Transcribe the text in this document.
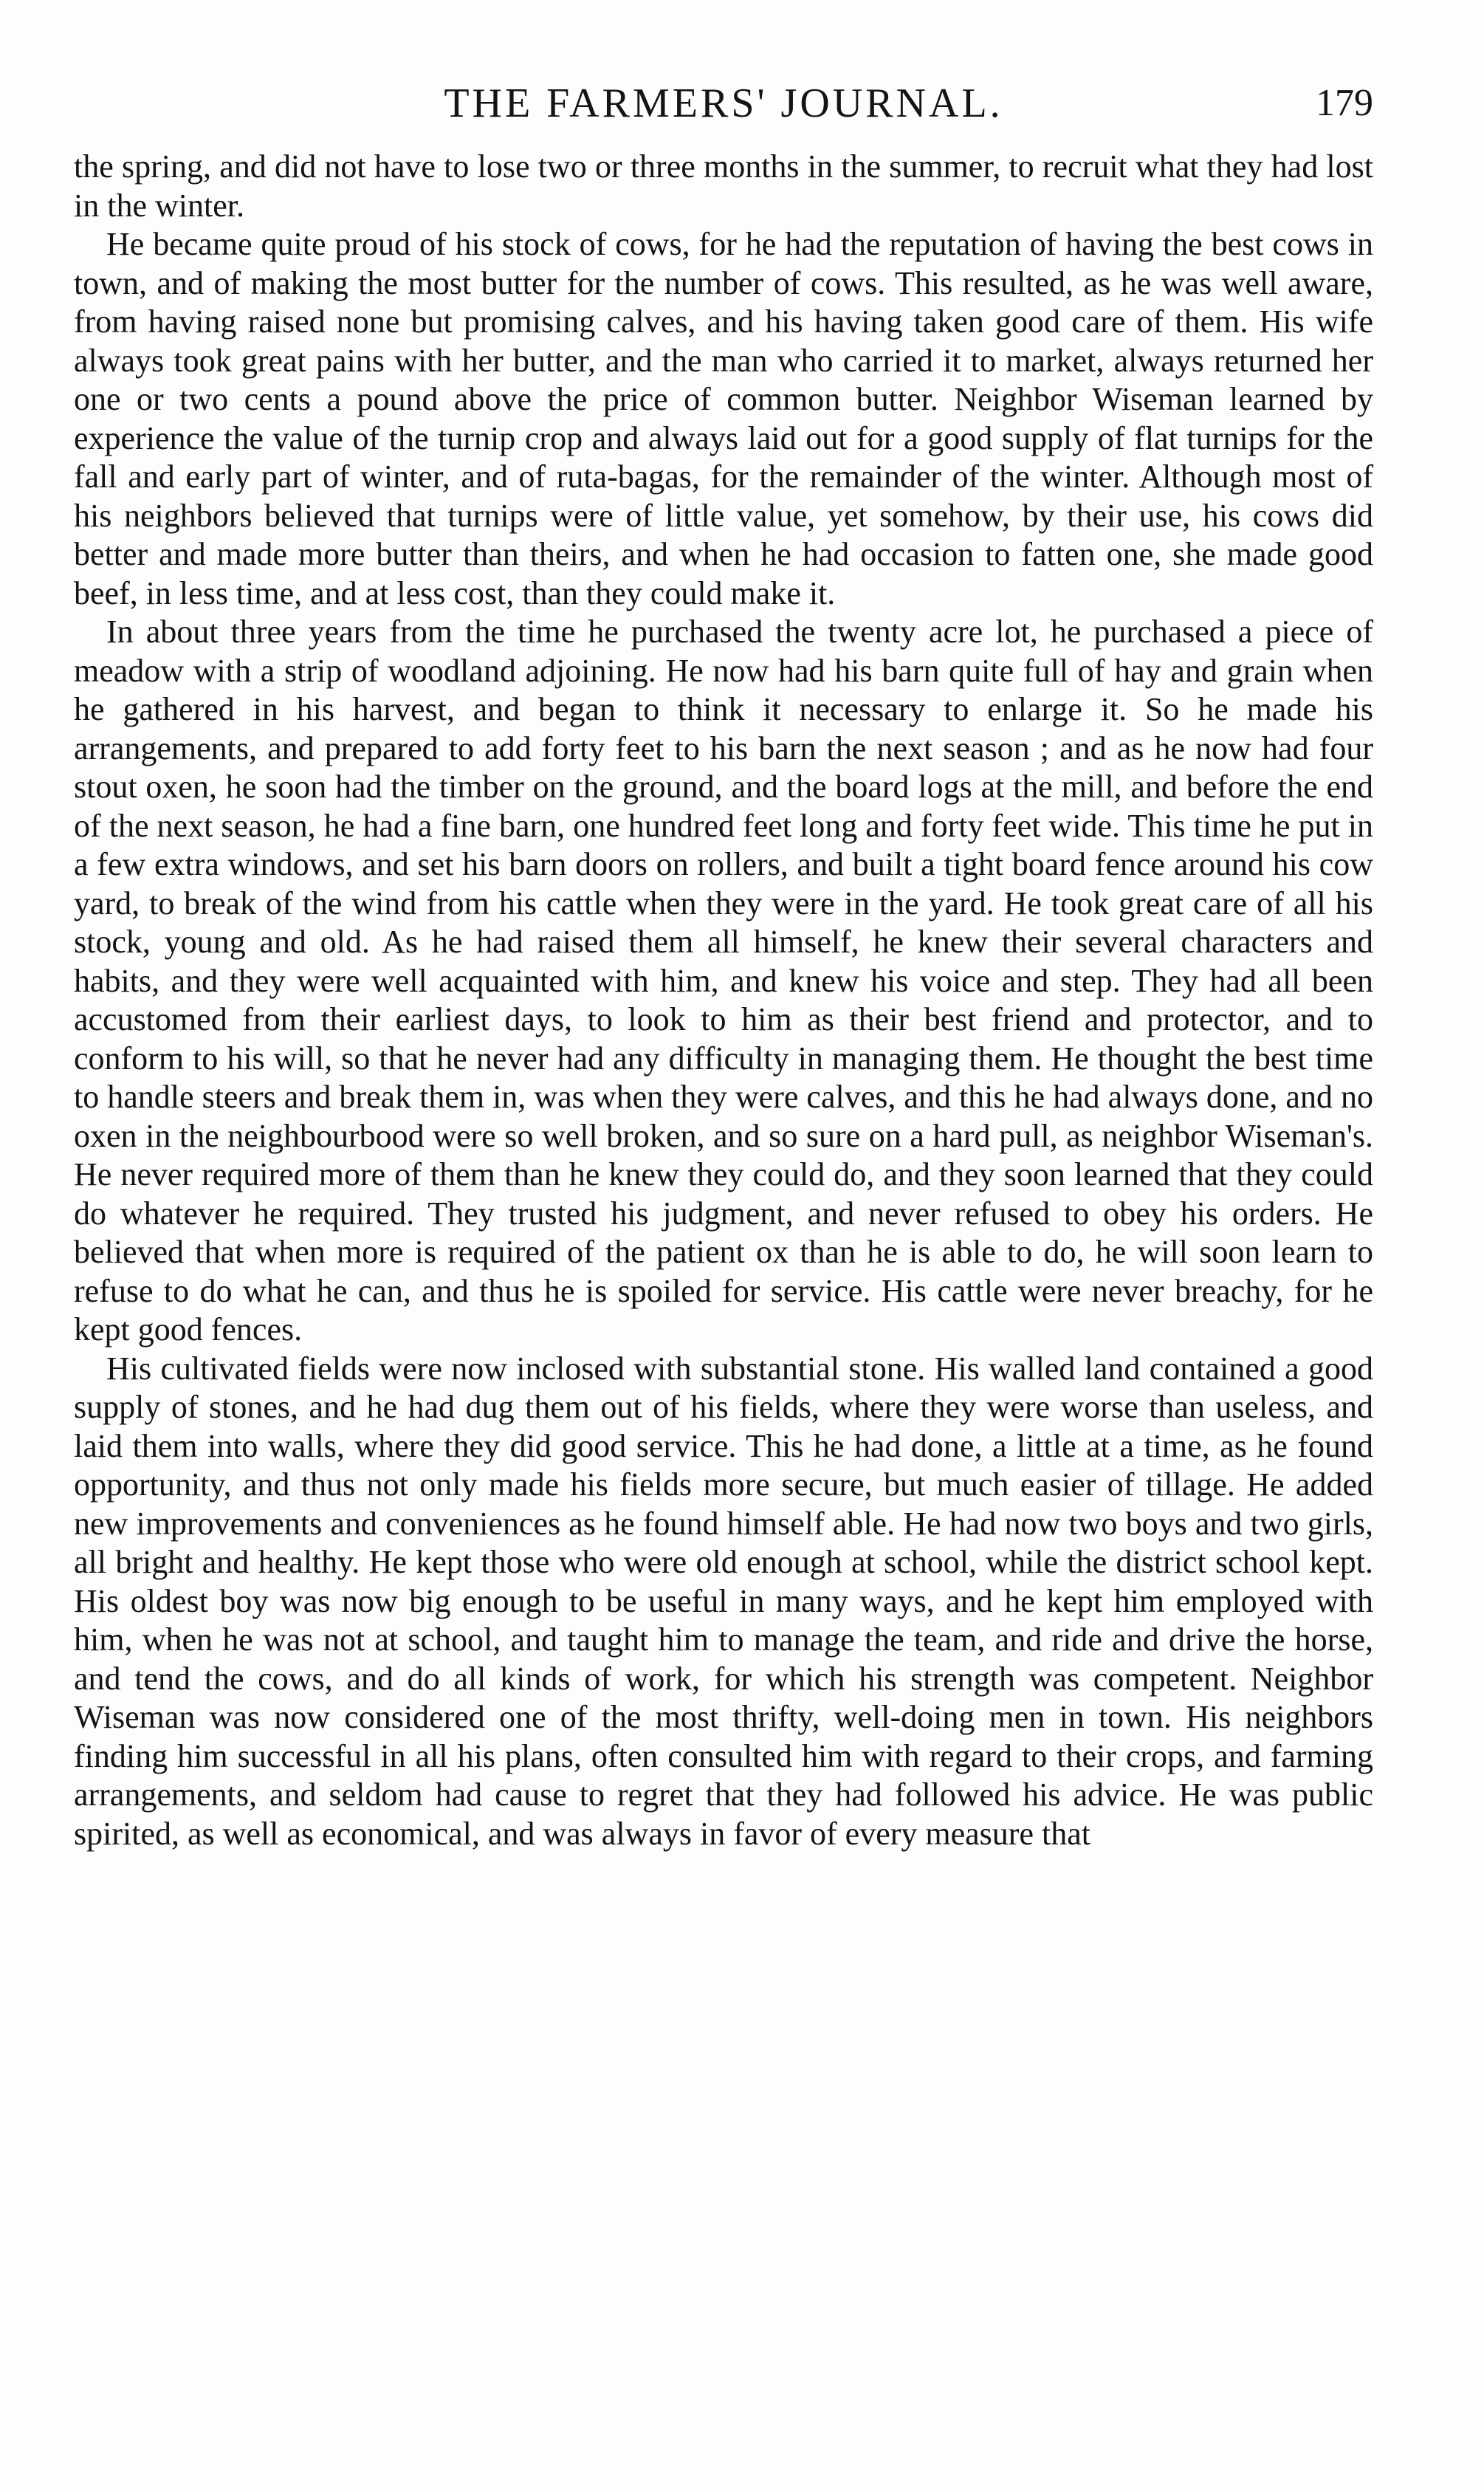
THE FARMERS' JOURNAL.	179

the spring, and did not have to lose two or three months in the summer, to recruit what they had lost in the winter.

He became quite proud of his stock of cows, for he had the reputation of having the best cows in town, and of making the most butter for the number of cows. This resulted, as he was well aware, from having raised none but promising calves, and his having taken good care of them. His wife always took great pains with her butter, and the man who carried it to market, always returned her one or two cents a pound above the price of common butter. Neighbor Wiseman learned by experience the value of the turnip crop and always laid out for a good supply of flat turnips for the fall and early part of winter, and of ruta-bagas, for the remainder of the winter. Although most of his neighbors believed that turnips were of little value, yet somehow, by their use, his cows did better and made more butter than theirs, and when he had occasion to fatten one, she made good beef, in less time, and at less cost, than they could make it.

In about three years from the time he purchased the twenty acre lot, he purchased a piece of meadow with a strip of woodland adjoining. He now had his barn quite full of hay and grain when he gathered in his harvest, and began to think it necessary to enlarge it. So he made his arrangements, and prepared to add forty feet to his barn the next season ; and as he now had four stout oxen, he soon had the timber on the ground, and the board logs at the mill, and before the end of the next season, he had a fine barn, one hundred feet long and forty feet wide. This time he put in a few extra windows, and set his barn doors on rollers, and built a tight board fence around his cow yard, to break of the wind from his cattle when they were in the yard. He took great care of all his stock, young and old. As he had raised them all himself, he knew their several characters and habits, and they were well acquainted with him, and knew his voice and step. They had all been accustomed from their earliest days, to look to him as their best friend and protector, and to conform to his will, so that he never had any difficulty in managing them. He thought the best time to handle steers and break them in, was when they were calves, and this he had always done, and no oxen in the neighbourbood were so well broken, and so sure on a hard pull, as neighbor Wiseman's. He never required more of them than he knew they could do, and they soon learned that they could do whatever he required. They trusted his judgment, and never refused to obey his orders. He believed that when more is required of the patient ox than he is able to do, he will soon learn to refuse to do what he can, and thus he is spoiled for service. His cattle were never breachy, for he kept good fences.

His cultivated fields were now inclosed with substantial stone. His walled land contained a good supply of stones, and he had dug them out of his fields, where they were worse than useless, and laid them into walls, where they did good service. This he had done, a little at a time, as he found opportunity, and thus not only made his fields more secure, but much easier of tillage. He added new improvements and conveniences as he found himself able. He had now two boys and two girls, all bright and healthy. He kept those who were old enough at school, while the district school kept. His oldest boy was now big enough to be useful in many ways, and he kept him employed with him, when he was not at school, and taught him to manage the team, and ride and drive the horse, and tend the cows, and do all kinds of work, for which his strength was competent. Neighbor Wiseman was now considered one of the most thrifty, well-doing men in town. His neighbors finding him successful in all his plans, often consulted him with regard to their crops, and farming arrangements, and seldom had cause to regret that they had followed his advice. He was public spirited, as well as economical, and was always in favor of every measure that
